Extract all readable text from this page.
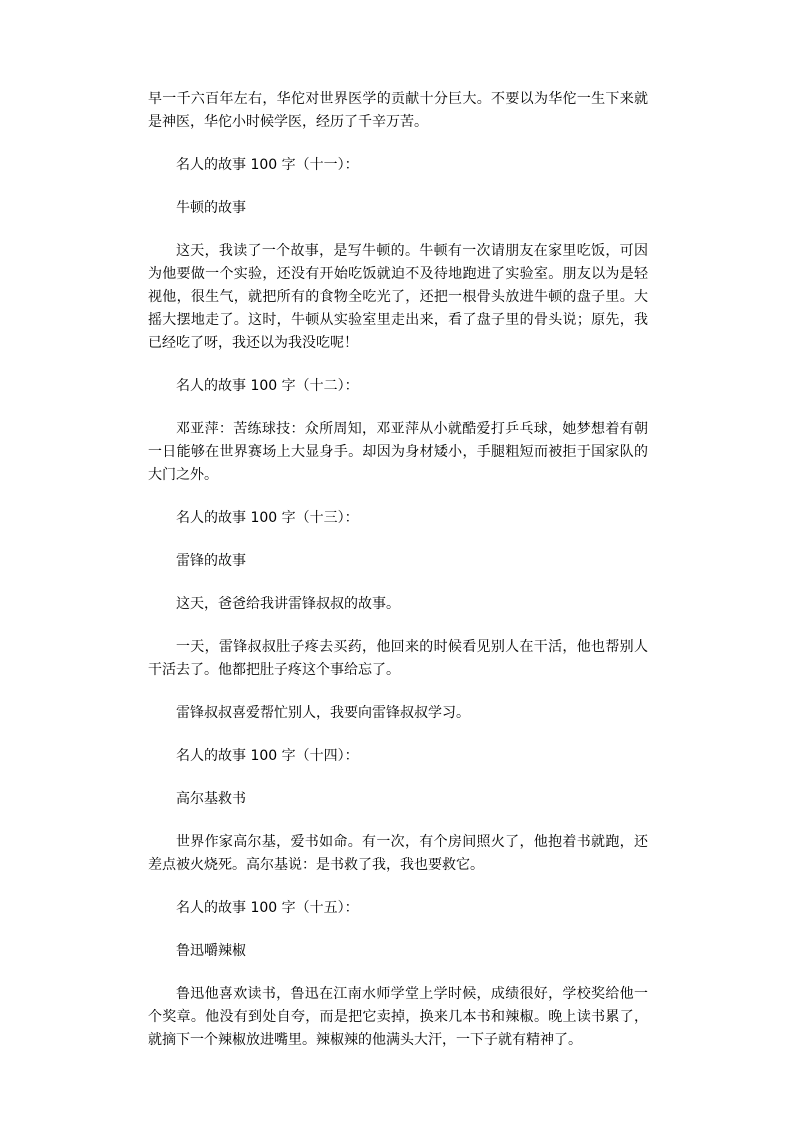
早一千六百年左右，华佗对世界医学的贡献十分巨大。不要以为华佗一生下来就是神医，华佗小时候学医，经历了千辛万苦。

名人的故事 100 字（十一）：

牛顿的故事

这天，我读了一个故事，是写牛顿的。牛顿有一次请朋友在家里吃饭，可因为他要做一个实验，还没有开始吃饭就迫不及待地跑进了实验室。朋友以为是轻视他，很生气，就把所有的食物全吃光了，还把一根骨头放进牛顿的盘子里。大摇大摆地走了。这时，牛顿从实验室里走出来，看了盘子里的骨头说；原先，我已经吃了呀，我还以为我没吃呢！

名人的故事 100 字（十二）：

邓亚萍：苦练球技：众所周知，邓亚萍从小就酷爱打乒乓球，她梦想着有朝一日能够在世界赛场上大显身手。却因为身材矮小，手腿粗短而被拒于国家队的大门之外。

名人的故事 100 字（十三）：

雷锋的故事

这天，爸爸给我讲雷锋叔叔的故事。

一天，雷锋叔叔肚子疼去买药，他回来的时候看见别人在干活，他也帮别人干活去了。他都把肚子疼这个事给忘了。

雷锋叔叔喜爱帮忙别人，我要向雷锋叔叔学习。

名人的故事 100 字（十四）：

高尔基救书

世界作家高尔基，爱书如命。有一次，有个房间照火了，他抱着书就跑，还差点被火烧死。高尔基说：是书救了我，我也要救它。

名人的故事 100 字（十五）：

鲁迅嚼辣椒

鲁迅他喜欢读书，鲁迅在江南水师学堂上学时候，成绩很好，学校奖给他一个奖章。他没有到处自夸，而是把它卖掉，换来几本书和辣椒。晚上读书累了，就摘下一个辣椒放进嘴里。辣椒辣的他满头大汗，一下子就有精神了。
